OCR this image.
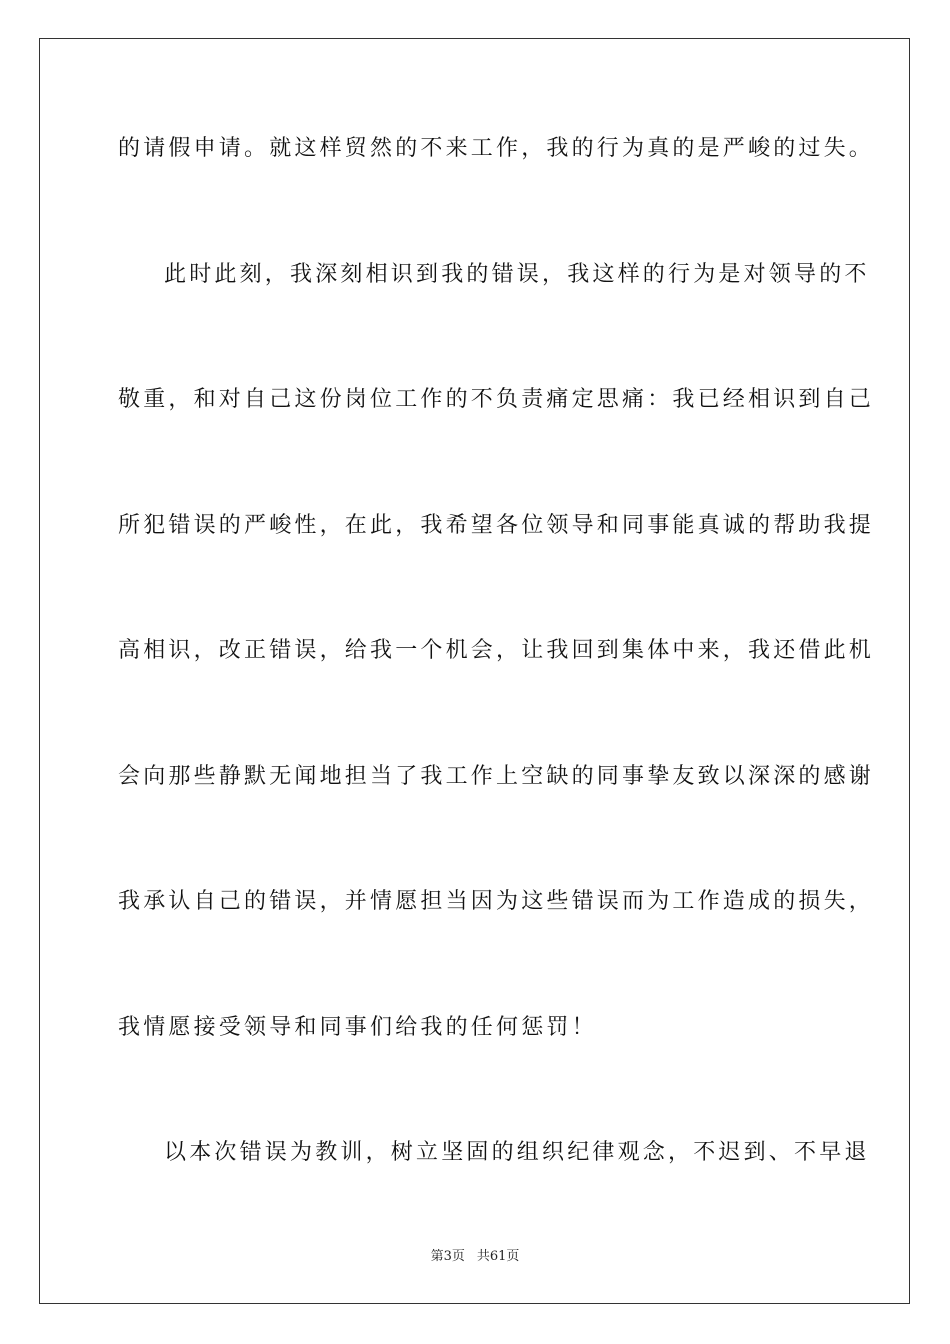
的请假申请。就这样贸然的不来工作，我的行为真的是严峻的过失。
此时此刻，我深刻相识到我的错误，我这样的行为是对领导的不
敬重，和对自己这份岗位工作的不负责痛定思痛：我已经相识到自己
所犯错误的严峻性，在此，我希望各位领导和同事能真诚的帮助我提
高相识，改正错误，给我一个机会，让我回到集体中来，我还借此机
会向那些静默无闻地担当了我工作上空缺的同事挚友致以深深的感谢
我承认自己的错误，并情愿担当因为这些错误而为工作造成的损失，
我情愿接受领导和同事们给我的任何惩罚！
以本次错误为教训，树立坚固的组织纪律观念，不迟到、不早退
第3页 共61页
